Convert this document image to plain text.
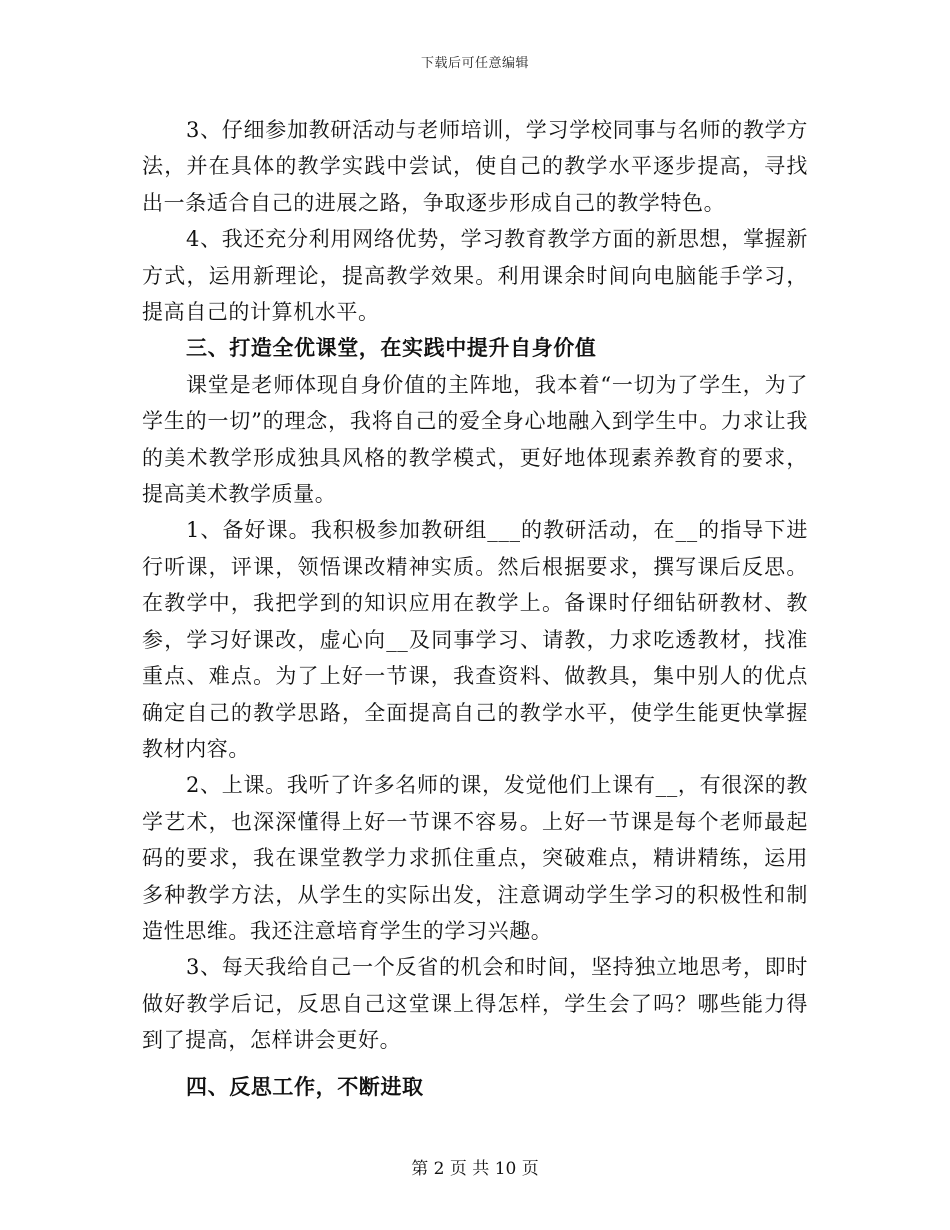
下载后可任意编辑

3、仔细参加教研活动与老师培训，学习学校同事与名师的教学方法，并在具体的教学实践中尝试，使自己的教学水平逐步提高，寻找出一条适合自己的进展之路，争取逐步形成自己的教学特色。

4、我还充分利用网络优势，学习教育教学方面的新思想，掌握新方式，运用新理论，提高教学效果。利用课余时间向电脑能手学习，提高自己的计算机水平。

三、打造全优课堂，在实践中提升自身价值

课堂是老师体现自身价值的主阵地，我本着“一切为了学生，为了学生的一切”的理念，我将自己的爱全身心地融入到学生中。力求让我的美术教学形成独具风格的教学模式，更好地体现素养教育的要求，提高美术教学质量。

1、备好课。我积极参加教研组___的教研活动，在__的指导下进行听课，评课，领悟课改精神实质。然后根据要求，撰写课后反思。在教学中，我把学到的知识应用在教学上。备课时仔细钻研教材、教参，学习好课改，虚心向__及同事学习、请教，力求吃透教材，找准重点、难点。为了上好一节课，我查资料、做教具，集中别人的优点确定自己的教学思路，全面提高自己的教学水平，使学生能更快掌握教材内容。

2、上课。我听了许多名师的课，发觉他们上课有__，有很深的教学艺术，也深深懂得上好一节课不容易。上好一节课是每个老师最起码的要求，我在课堂教学力求抓住重点，突破难点，精讲精练，运用多种教学方法，从学生的实际出发，注意调动学生学习的积极性和制造性思维。我还注意培育学生的学习兴趣。

3、每天我给自己一个反省的机会和时间，坚持独立地思考，即时做好教学后记，反思自己这堂课上得怎样，学生会了吗？哪些能力得到了提高，怎样讲会更好。

四、反思工作，不断进取

第 2 页 共 10 页
